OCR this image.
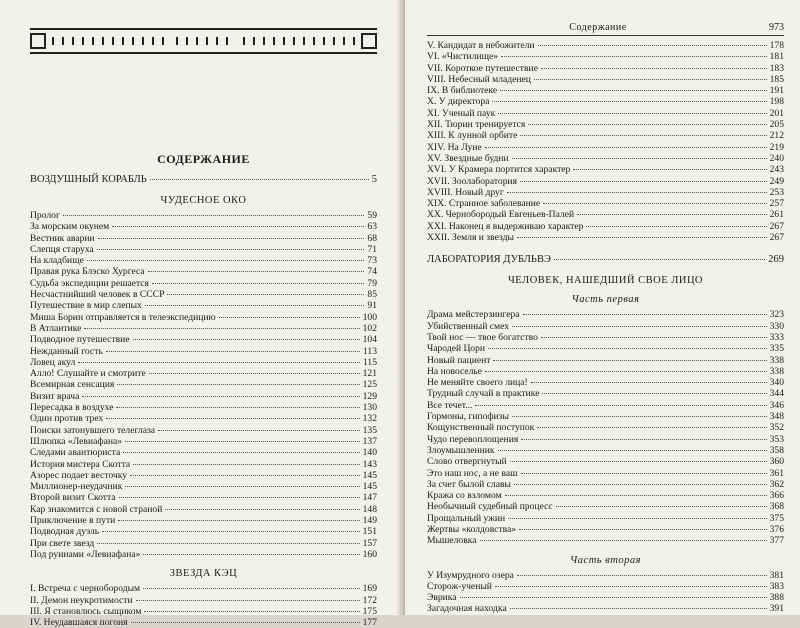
СОДЕРЖАНИЕ
ВОЗДУШНЫЙ КОРАБЛЬ	5
ЧУДЕСНОЕ ОКО
Пролог	59
За морским окунем	63
Вестник аварии	68
Слепця старуха	71
На кладбище	73
Правая рука Блэско Хургеса	74
Судьба экспедиции решается	79
Несчастнийший человек в СССР	85
Путешествие в мир слепых	91
Миша Борин отправляется в телеэкспедицию	100
В Атлантике	102
Подводное путешествие	104
Нежданный гость	113
Ловец акул	115
Алло! Слушайте и смотрите	121
Всемирная сенсация	125
Визит врача	129
Пересадка в воздухе	130
Один против трех	132
Поиски затонувшего телеглаза	135
Шлюпка «Левиафана»	137
Следами авантюриста	140
История мистера Скотта	143
Азорес подает весточку	145
Миллионер-неудачник	145
Второй визит Скотта	147
Кар знакомится с новой страной	148
Приключение в пути	149
Подводная дуэль	151
При свете звезд	157
Под руинами «Левиафана»	160
ЗВЕЗДА КЭЦ
I. Встреча с чернобородым	169
II. Демон неукротимости	172
III. Я становлюсь сыщиком	175
IV. Неудавшаяся погоня	177
Содержание	973
V. Кандидат в небожители	178
VI. «Чистилище»	181
VII. Короткое путешествие	183
VIII. Небесный младенец	185
IX. В библиотеке	191
X. У директора	198
XI. Ученый паук	201
XII. Тюрин тренируется	205
XIII. К лунной орбите	212
XIV. На Луне	219
XV. Звездные будни	240
XVI. У Крамера портится характер	243
XVII. Зоолаборатория	249
XVIII. Новый друг	253
XIX. Странное заболевание	257
XX. Чернобородый Евгеньев-Палей	261
XXI. Наконец я выдерживаю характер	267
XXII. Земля и звезды	267
ЛАБОРАТОРИЯ ДУБЛЬВЭ	269
ЧЕЛОВЕК, НАШЕДШИЙ СВОЕ ЛИЦО
Часть первая
Драма мейстерзингера	323
Убийственный смех	330
Твой нос — твое богатство	333
Чародей Цорн	335
Новый пациент	338
На новоселье	338
Не меняйте своего лица!	340
Трудный случай в практике	344
Все течет...	346
Гормоны, гипофизы	348
Кощунственный поступок	352
Чудо перевоплощения	353
Злоумышленник	358
Слово отвергнутый	360
Это наш нос, а не ваш	361
За счет былой славы	362
Кража со взломом	366
Необычный судебный процесс	368
Прощальный ужин	375
Жертвы «колдовства»	376
Мышеловка	377
Часть вторая
У Изумрудного озера	381
Сторож-ученый	383
Эврика	388
Загадочная находка	391
